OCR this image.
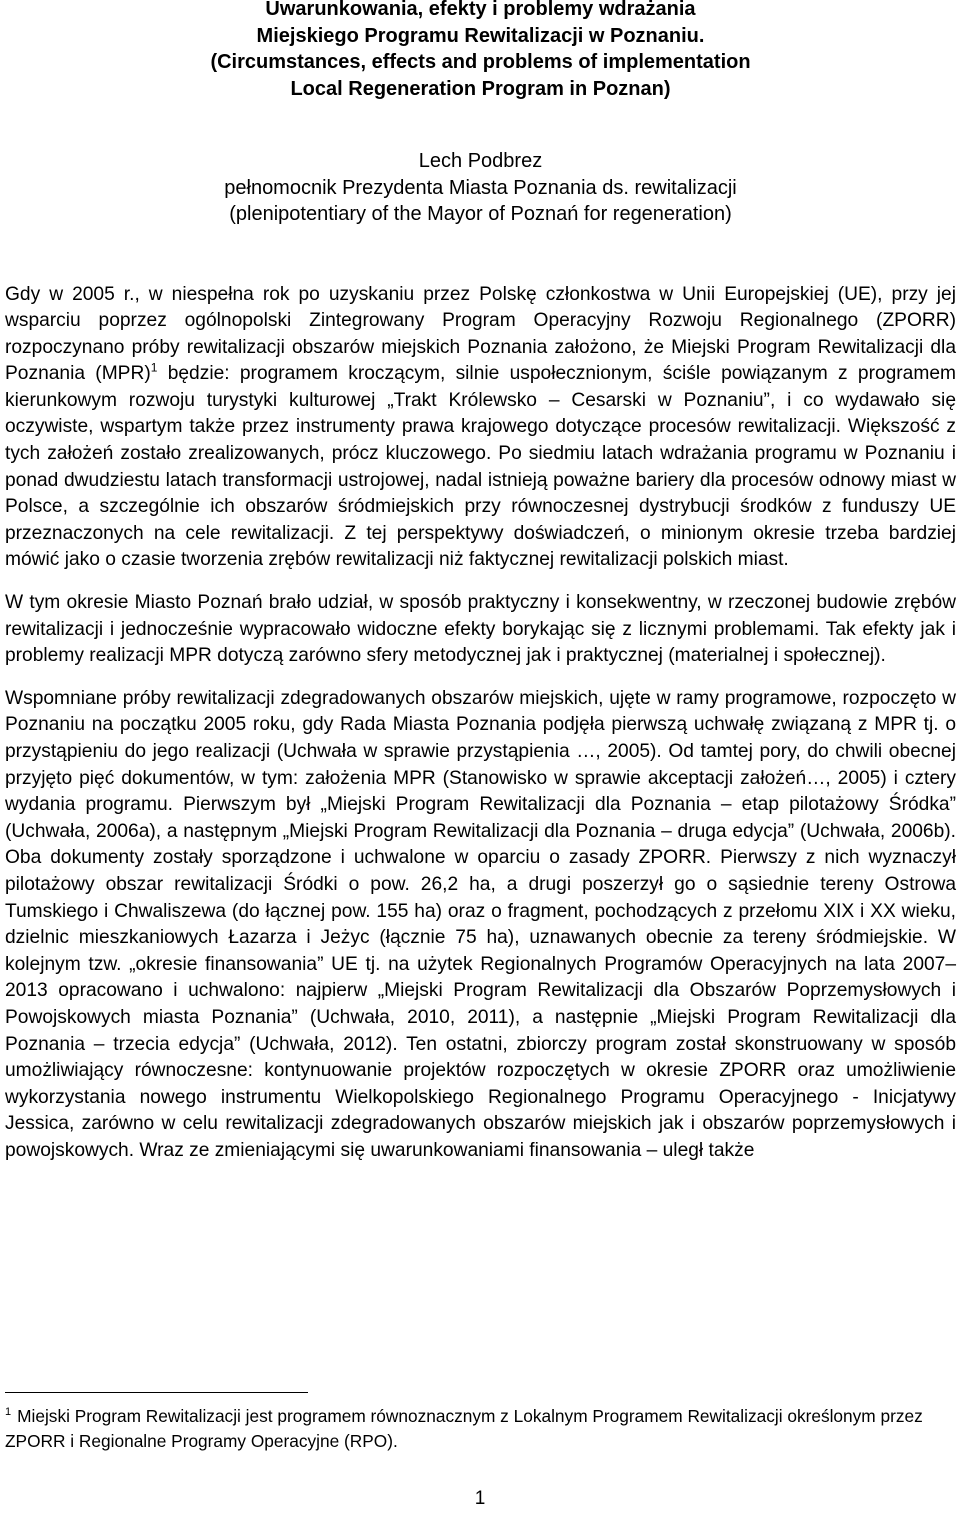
Uwarunkowania, efekty i problemy wdrażania
Miejskiego Programu Rewitalizacji w Poznaniu.
(Circumstances, effects and problems of implementation
Local Regeneration Program in Poznan)
Lech Podbrez
pełnomocnik Prezydenta Miasta Poznania ds. rewitalizacji
(plenipotentiary of the Mayor of Poznań for regeneration)

Gdy w 2005 r., w niespełna rok po uzyskaniu przez Polskę członkostwa w Unii Europejskiej (UE), przy jej wsparciu poprzez ogólnopolski Zintegrowany Program Operacyjny Rozwoju Regionalnego (ZPORR) rozpoczynano próby rewitalizacji obszarów miejskich Poznania założono, że Miejski Program Rewitalizacji dla Poznania (MPR)$^1$ będzie: programem kroczącym, silnie uspołecznionym, ściśle powiązanym z programem kierunkowym rozwoju turystyki kulturowej „Trakt Królewsko – Cesarski w Poznaniu”, i co wydawało się oczywiste, wspartym także przez instrumenty prawa krajowego dotyczące procesów rewitalizacji. Większość z tych założeń zostało zrealizowanych, prócz kluczowego. Po siedmiu latach wdrażania programu w Poznaniu i ponad dwudziestu latach transformacji ustrojowej, nadal istnieją poważne bariery dla procesów odnowy miast w Polsce, a szczególnie ich obszarów śródmiejskich przy równoczesnej dystrybucji środków z funduszy UE przeznaczonych na cele rewitalizacji. Z tej perspektywy doświadczeń, o minionym okresie trzeba bardziej mówić jako o czasie tworzenia zrębów rewitalizacji niż faktycznej rewitalizacji polskich miast.

W tym okresie Miasto Poznań brało udział, w sposób praktyczny i konsekwentny, w rzeczonej budowie zrębów rewitalizacji i jednocześnie wypracowało widoczne efekty borykając się z licznymi problemami. Tak efekty jak i problemy realizacji MPR dotyczą zarówno sfery metodycznej jak i praktycznej (materialnej i społecznej).

Wspomniane próby rewitalizacji zdegradowanych obszarów miejskich, ujęte w ramy programowe, rozpoczęto w Poznaniu na początku 2005 roku, gdy Rada Miasta Poznania podjęła pierwszą uchwałę związaną z MPR tj. o przystąpieniu do jego realizacji (Uchwała w sprawie przystąpienia …, 2005). Od tamtej pory, do chwili obecnej przyjęto pięć dokumentów, w tym: założenia MPR (Stanowisko w sprawie akceptacji założeń…, 2005) i cztery wydania programu. Pierwszym był „Miejski Program Rewitalizacji dla Poznania – etap pilotażowy Śródka” (Uchwała, 2006a), a następnym „Miejski Program Rewitalizacji dla Poznania – druga edycja” (Uchwała, 2006b). Oba dokumenty zostały sporządzone i uchwalone w oparciu o zasady ZPORR. Pierwszy z nich wyznaczył pilotażowy obszar rewitalizacji Śródki o pow. 26,2 ha, a drugi poszerzył go o sąsiednie tereny Ostrowa Tumskiego i Chwaliszewa (do łącznej pow. 155 ha) oraz o fragment, pochodzących z przełomu XIX i XX wieku, dzielnic mieszkaniowych Łazarza i Jeżyc (łącznie 75 ha), uznawanych obecnie za tereny śródmiejskie. W kolejnym tzw. „okresie finansowania” UE tj. na użytek Regionalnych Programów Operacyjnych na lata 2007–2013 opracowano i uchwalono: najpierw „Miejski Program Rewitalizacji dla Obszarów Poprzemysłowych i Powojskowych miasta Poznania” (Uchwała, 2010, 2011), a następnie „Miejski Program Rewitalizacji dla Poznania – trzecia edycja” (Uchwała, 2012). Ten ostatni, zbiorczy program został skonstruowany w sposób umożliwiający równoczesne: kontynuowanie projektów rozpoczętych w okresie ZPORR oraz umożliwienie wykorzystania nowego instrumentu Wielkopolskiego Regionalnego Programu Operacyjnego - Inicjatywy Jessica, zarówno w celu rewitalizacji zdegradowanych obszarów miejskich jak i obszarów poprzemysłowych i powojskowych. Wraz ze zmieniającymi się uwarunkowaniami finansowania – uległ także

$^1$ Miejski Program Rewitalizacji jest programem równoznacznym z Lokalnym Programem Rewitalizacji określonym przez ZPORR i Regionalne Programy Operacyjne (RPO).
1
